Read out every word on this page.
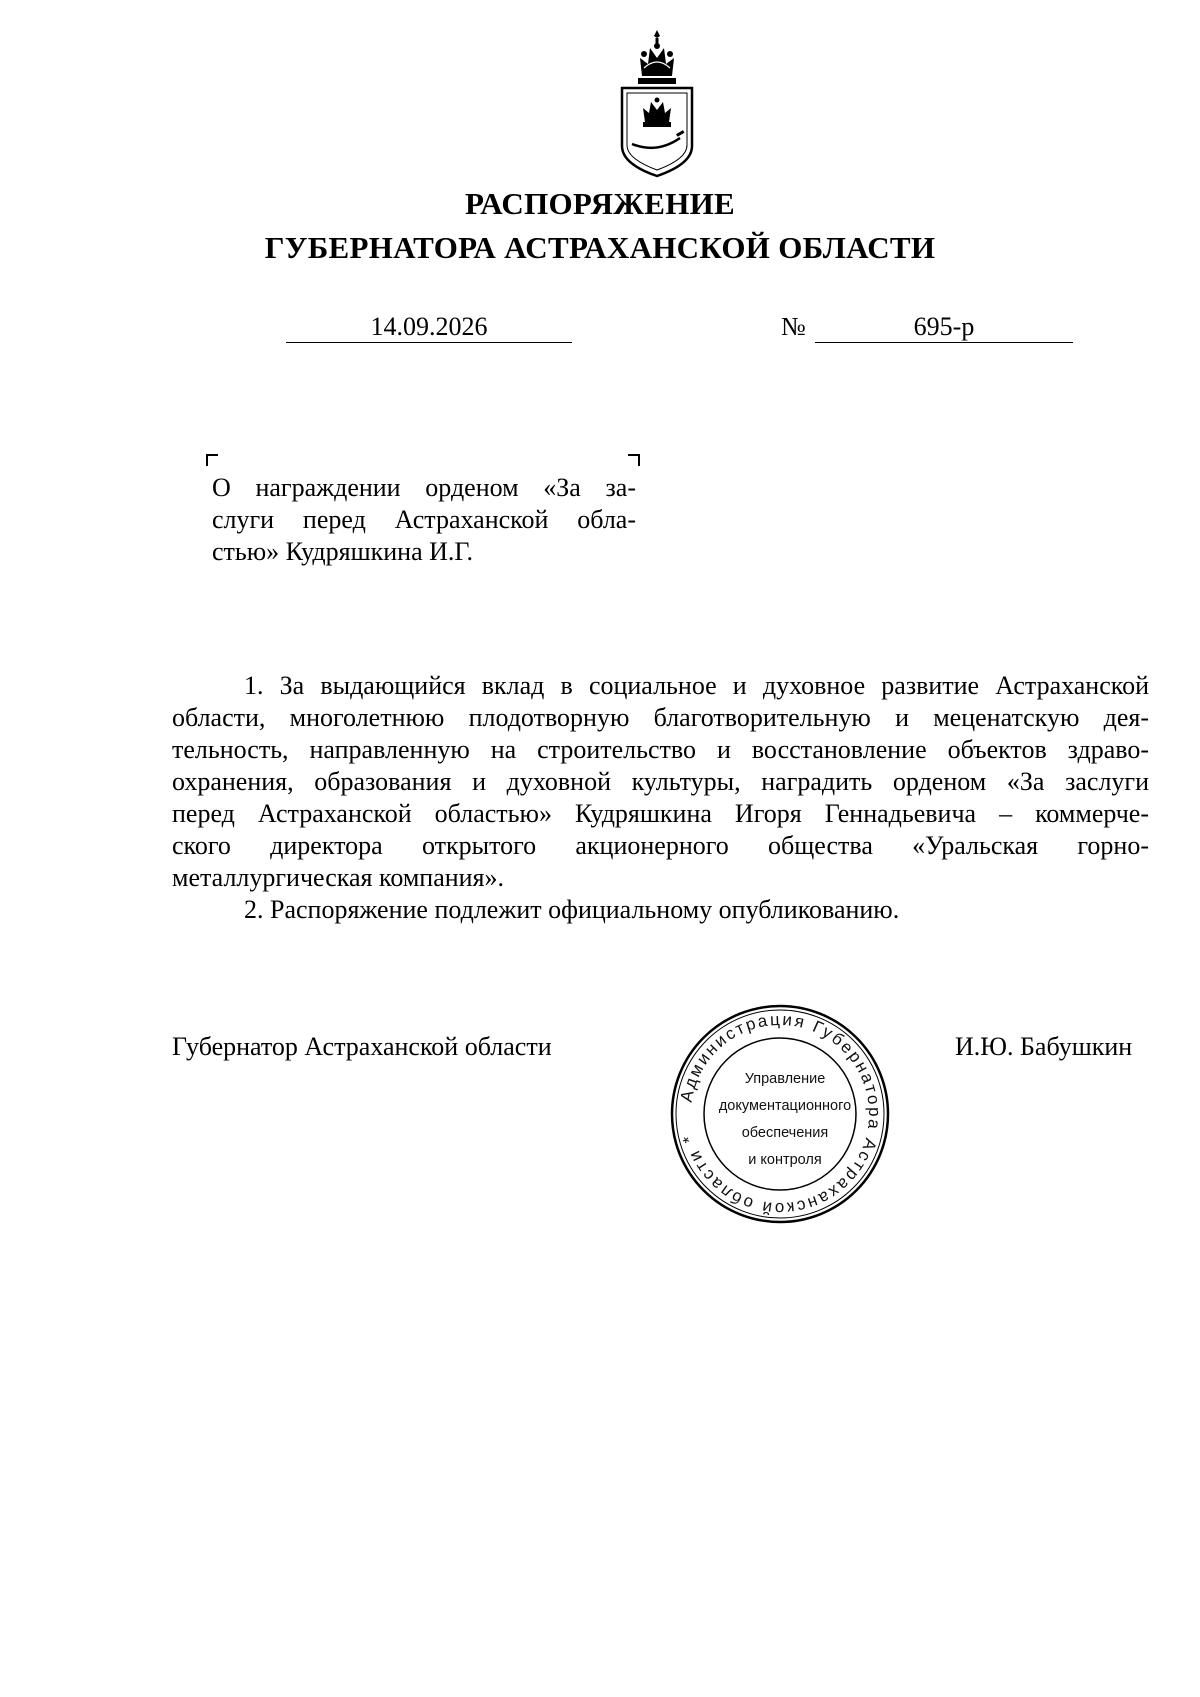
РАСПОРЯЖЕНИЕ
ГУБЕРНАТОРА АСТРАХАНСКОЙ ОБЛАСТИ
14.09.2026	№	695-р

О награждении орденом «За за-

слуги перед Астраханской обла-

стью» Кудряшкина И.Г.

1. За выдающийся вклад в социальное и духовное развитие Астраханской

области, многолетнюю плодотворную благотворительную и меценатскую дея-

тельность, направленную на строительство и восстановление объектов здраво-

охранения, образования и духовной культуры, наградить орденом «За заслуги

перед Астраханской областью» Кудряшкина Игоря Геннадьевича – коммерче-

ского директора открытого акционерного общества «Уральская горно-

металлургическая компания».

2. Распоряжение подлежит официальному опубликованию.

Губернатор Астраханской области	И.Ю. Бабушкин
Администрация Губернатора Астраханской области *
Управление
документационного
обеспечения
и контроля
